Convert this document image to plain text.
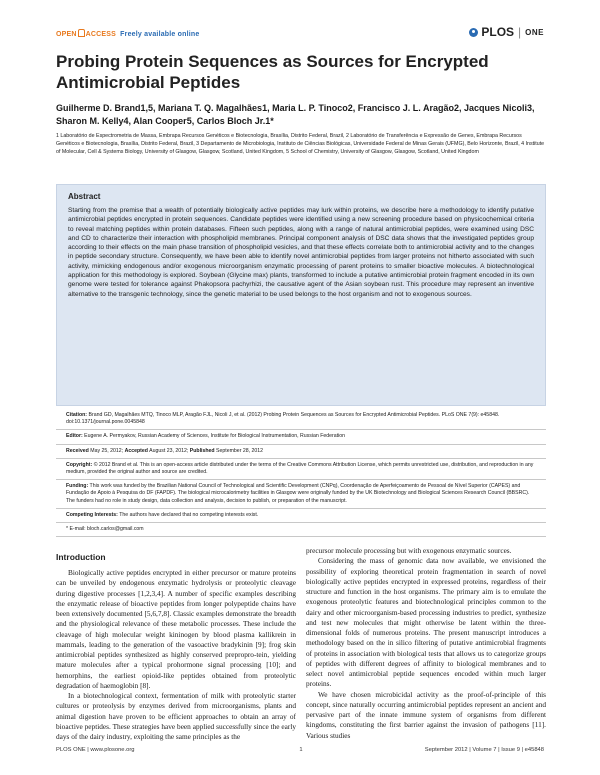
OPEN ACCESS Freely available online	PLOS | ONE
Probing Protein Sequences as Sources for Encrypted Antimicrobial Peptides

Guilherme D. Brand1,5, Mariana T. Q. Magalhães1, Maria L. P. Tinoco2, Francisco J. L. Aragão2, Jacques Nicoli3, Sharon M. Kelly4, Alan Cooper5, Carlos Bloch Jr.1*

1 Laboratório de Espectrometria de Massa, Embrapa Recursos Genéticos e Biotecnologia, Brasília, Distrito Federal, Brazil, 2 Laboratório de Transferência e Expressão de Genes, Embrapa Recursos Genéticos e Biotecnologia, Brasília, Distrito Federal, Brazil, 3 Departamento de Microbiologia, Instituto de Ciências Biológicas, Universidade Federal de Minas Gerais (UFMG), Belo Horizonte, Brazil, 4 Institute of Molecular, Cell & Systems Biology, University of Glasgow, Glasgow, Scotland, United Kingdom, 5 School of Chemistry, University of Glasgow, Glasgow, Scotland, United Kingdom

Abstract

Starting from the premise that a wealth of potentially biologically active peptides may lurk within proteins, we describe here a methodology to identify putative antimicrobial peptides encrypted in protein sequences. Candidate peptides were identified using a new screening procedure based on physicochemical criteria to reveal matching peptides within protein databases. Fifteen such peptides, along with a range of natural antimicrobial peptides, were examined using DSC and CD to characterize their interaction with phospholipid membranes. Principal component analysis of DSC data shows that the investigated peptides group according to their effects on the main phase transition of phospholipid vesicles, and that these effects correlate both to antimicrobial activity and to the changes in peptide secondary structure. Consequently, we have been able to identify novel antimicrobial peptides from larger proteins not hitherto associated with such activity, mimicking endogenous and/or exogenous microorganism enzymatic processing of parent proteins to smaller bioactive molecules. A biotechnological application for this methodology is explored. Soybean (Glycine max) plants, transformed to include a putative antimicrobial protein fragment encoded in its own genome were tested for tolerance against Phakopsora pachyrhizi, the causative agent of the Asian soybean rust. This procedure may represent an inventive alternative to the transgenic technology, since the genetic material to be used belongs to the host organism and not to exogenous sources.

Introduction

Biologically active peptides encrypted in either precursor or mature proteins can be unveiled by endogenous enzymatic hydrolysis or proteolytic cleavage during digestive processes [1,2,3,4]. A number of specific examples describing the enzymatic release of bioactive peptides from longer polypeptide chains have been extensively documented [5,6,7,8]. Classic examples demonstrate the breadth and the physiological relevance of these metabolic processes. These include the cleavage of high molecular weight kininogen by blood plasma kallikrein in mammals, leading to the generation of the vasoactive bradykinin [9]; frog skin antimicrobial peptides synthesized as highly conserved prepropro-tein, yielding mature molecules after a typical prohormone signal processing [10]; and hemorphins, the earliest opioid-like peptides obtained from proteolytic degradation of haemoglobin [8].

In a biotechnological context, fermentation of milk with proteolytic starter cultures or proteolysis by enzymes derived from microorganisms, plants and animal digestion have proven to be efficient approaches to obtain an array of bioactive peptides. These strategies have been applied successfully since the early days of the dairy industry, exploiting the same principles as the

precursor molecule processing but with exogenous enzymatic sources.

Considering the mass of genomic data now available, we envisioned the possibility of exploring theoretical protein fragmentation in search of novel biologically active peptides encrypted in expressed proteins, regardless of their structure and function in the host organisms. The primary aim is to emulate the exogenous proteolytic features and biotechnological principles common to the dairy and other microorganism-based processing industries to predict, synthesize and test new molecules that might otherwise be latent within the three-dimensional folds of numerous proteins. The present manuscript introduces a methodology based on the in silico filtering of putative antimicrobial fragments of proteins in association with biological tests that allows us to categorize groups of peptides with different degrees of affinity to biological membranes and to select novel antimicrobial peptide sequences encoded within much larger proteins.

We have chosen microbicidal activity as the proof-of-principle of this concept, since naturally occurring antimicrobial peptides represent an ancient and pervasive part of the innate immune system of organisms from different kingdoms, constituting the first barrier against the invasion of pathogens [11]. Various studies

PLOS ONE | www.plosone.org	1	September 2012 | Volume 7 | Issue 9 | e45848

Citation: Brand GD, Magalhães MTQ, Tinoco MLP, Aragão FJL, Nicoli J, et al. (2012) Probing Protein Sequences as Sources for Encrypted Antimicrobial Peptides. PLoS ONE 7(9): e45848. doi:10.1371/journal.pone.0045848

Editor: Eugene A. Permyakov, Russian Academy of Sciences, Institute for Biological Instrumentation, Russian Federation

Received May 25, 2012; Accepted August 23, 2012; Published September 28, 2012

Copyright: © 2012 Brand et al. This is an open-access article distributed under the terms of the Creative Commons Attribution License, which permits unrestricted use, distribution, and reproduction in any medium, provided the original author and source are credited.

Funding: This work was funded by the Brazilian National Council of Technological and Scientific Development (CNPq), Coordenação de Aperfeiçoamento de Pessoal de Nível Superior (CAPES) and Fundação de Apoio à Pesquisa do DF (FAPDF). The biological microcalorimetry facilities in Glasgow were originally funded by the UK Biotechnology and Biological Sciences Research Council (BBSRC). The funders had no role in study design, data collection and analysis, decision to publish, or preparation of the manuscript.

Competing Interests: The authors have declared that no competing interests exist.

* E-mail: bloch.carlos@gmail.com
